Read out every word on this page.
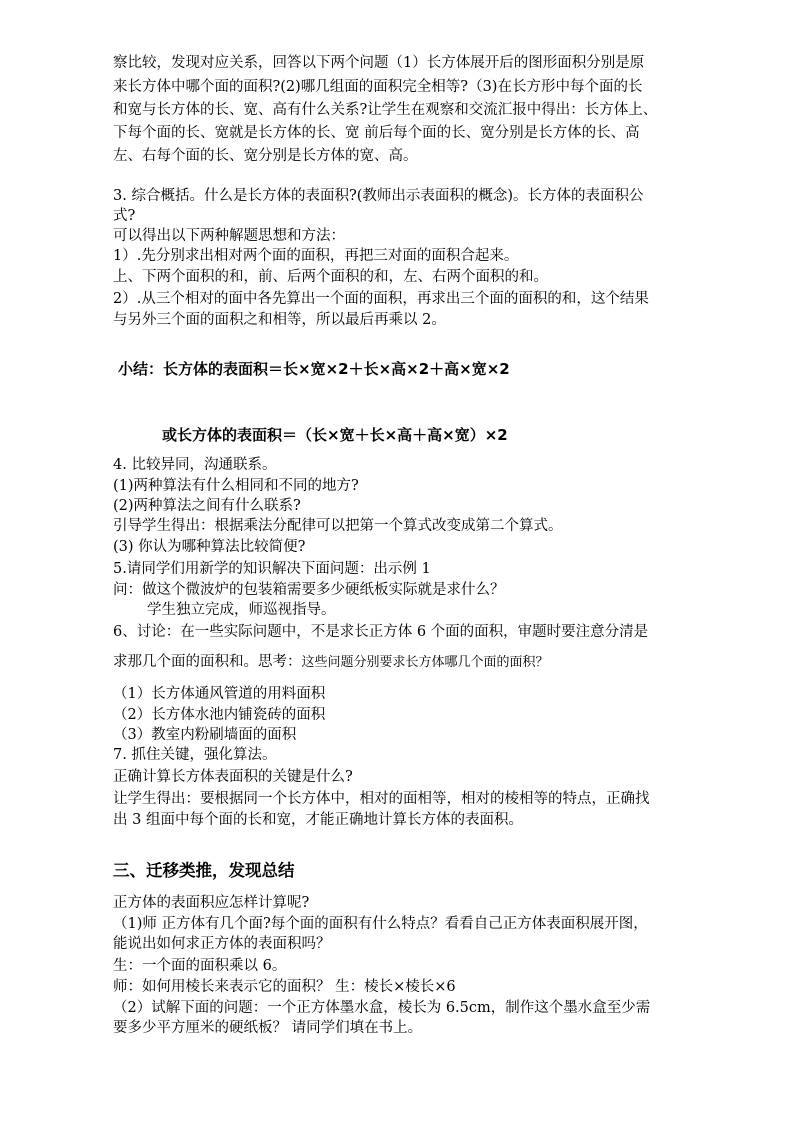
察比较，发现对应关系，回答以下两个问题（1）长方体展开后的图形面积分别是原
来长方体中哪个面的面积?(2)哪几组面的面积完全相等?（3)在长方形中每个面的长
和宽与长方体的长、宽、高有什么关系?让学生在观察和交流汇报中得出：长方体上、
下每个面的长、宽就是长方体的长、宽 前后每个面的长、宽分别是长方体的长、高
左、右每个面的长、宽分别是长方体的宽、高。
3. 综合概括。什么是长方体的表面积?(教师出示表面积的概念)。长方体的表面积公
式?
可以得出以下两种解题思想和方法：
1）.先分别求出相对两个面的面积，再把三对面的面积合起来。
上、下两个面积的和，前、后两个面积的和，左、右两个面积的和。
2）.从三个相对的面中各先算出一个面的面积，再求出三个面的面积的和，这个结果
与另外三个面的面积之和相等，所以最后再乘以 2。
小结：长方体的表面积＝长×宽×2＋长×高×2＋高×宽×2
或长方体的表面积＝（长×宽＋长×高＋高×宽）×2
4. 比较异同，沟通联系。
(1)两种算法有什么相同和不同的地方?
(2)两种算法之间有什么联系?
引导学生得出：根据乘法分配律可以把第一个算式改变成第二个算式。
(3) 你认为哪种算法比较简便?
5.请同学们用新学的知识解决下面问题：出示例 1
问：做这个微波炉的包装箱需要多少硬纸板实际就是求什么？
学生独立完成，师巡视指导。
6、讨论：在一些实际问题中，不是求长正方体 6 个面的面积，审题时要注意分清是
求那几个面的面积和。思考：这些问题分别要求长方体哪几个面的面积？
（1）长方体通风管道的用料面积
（2）长方体水池内铺瓷砖的面积
（3）教室内粉刷墙面的面积
7. 抓住关键，强化算法。
正确计算长方体表面积的关键是什么?
让学生得出：要根据同一个长方体中，相对的面相等，相对的棱相等的特点，正确找
出 3 组面中每个面的长和宽，才能正确地计算长方体的表面积。
三、迁移类推，发现总结
正方体的表面积应怎样计算呢?
（1)师 正方体有几个面?每个面的面积有什么特点？看看自己正方体表面积展开图，
能说出如何求正方体的表面积吗？
生：一个面的面积乘以 6。
师：如何用棱长来表示它的面积？ 生：棱长×棱长×6
（2）试解下面的问题：一个正方体墨水盒，棱长为 6.5cm，制作这个墨水盒至少需
要多少平方厘米的硬纸板？ 请同学们填在书上。
